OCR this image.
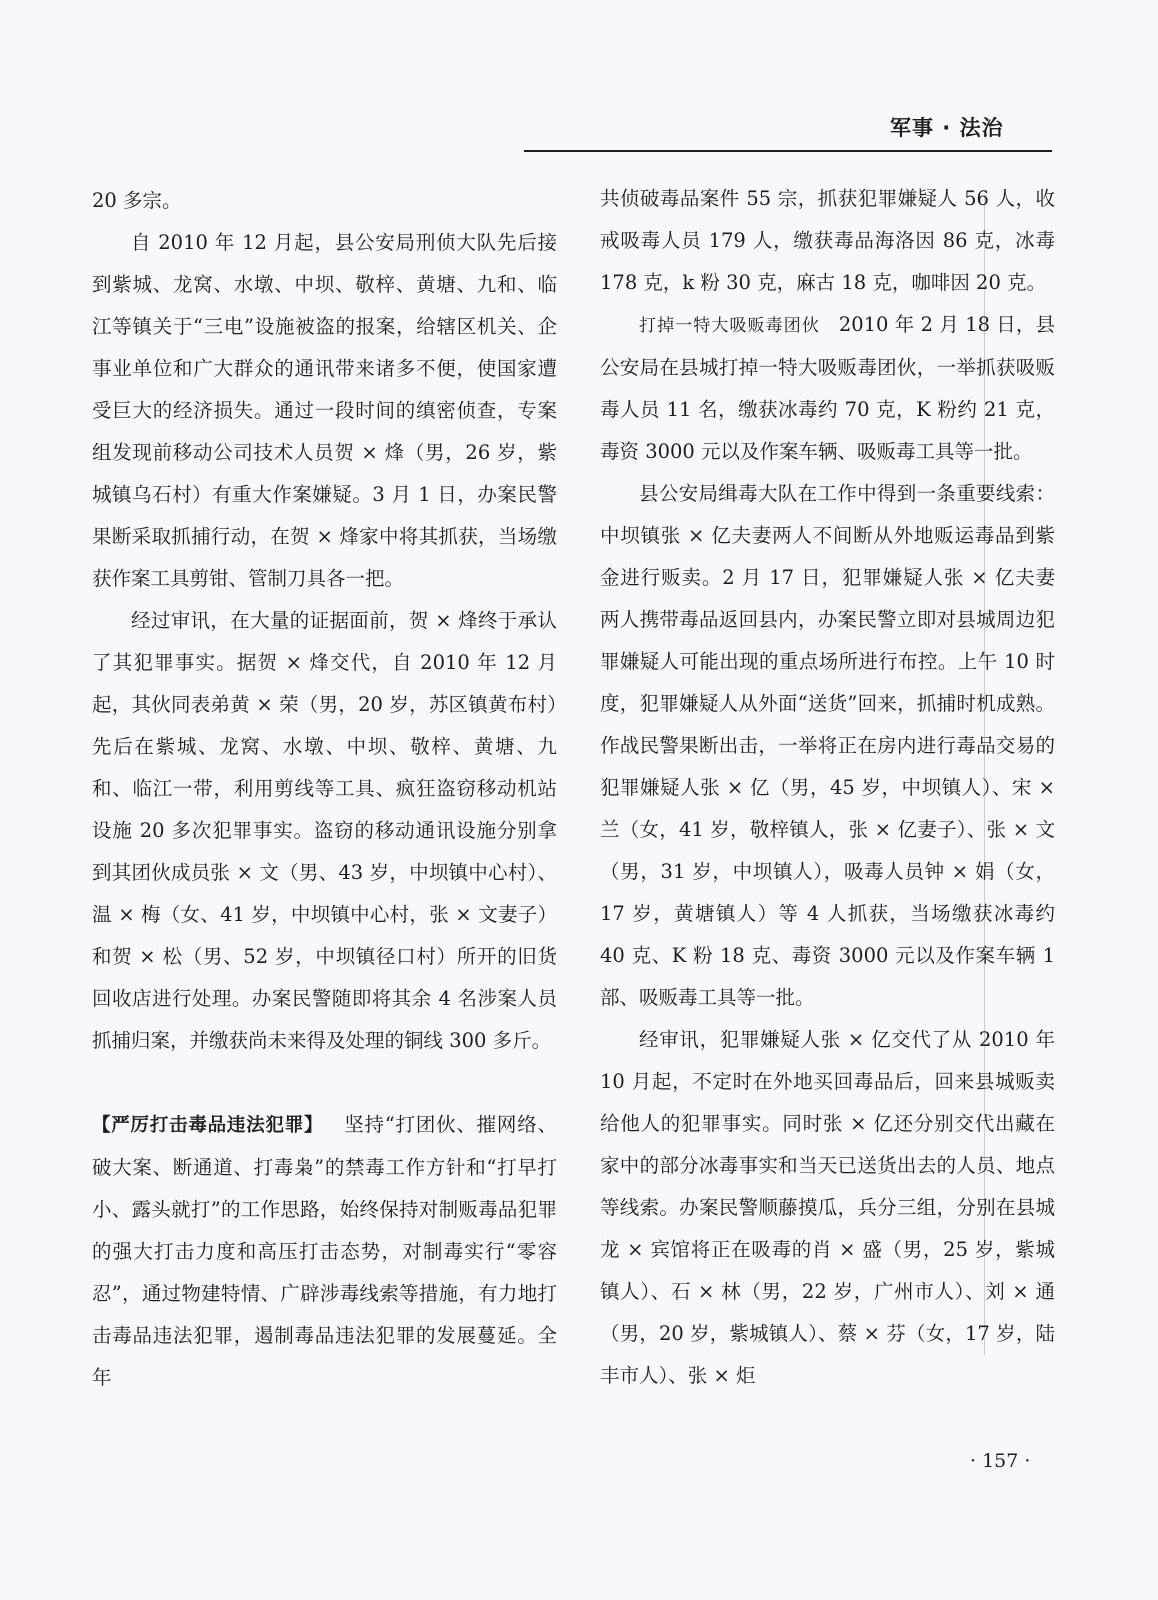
军事 · 法治

20 多宗。

自 2010 年 12 月起，县公安局刑侦大队先后接到紫城、龙窝、水墩、中坝、敬梓、黄塘、九和、临江等镇关于“三电”设施被盗的报案，给辖区机关、企事业单位和广大群众的通讯带来诸多不便，使国家遭受巨大的经济损失。通过一段时间的缜密侦查，专案组发现前移动公司技术人员贺 × 烽（男，26 岁，紫城镇乌石村）有重大作案嫌疑。3 月 1 日，办案民警果断采取抓捕行动，在贺 × 烽家中将其抓获，当场缴获作案工具剪钳、管制刀具各一把。

经过审讯，在大量的证据面前，贺 × 烽终于承认了其犯罪事实。据贺 × 烽交代，自 2010 年 12 月起，其伙同表弟黄 × 荣（男，20 岁，苏区镇黄布村）先后在紫城、龙窝、水墩、中坝、敬梓、黄塘、九和、临江一带，利用剪线等工具、疯狂盗窃移动机站设施 20 多次犯罪事实。盗窃的移动通讯设施分别拿到其团伙成员张 × 文（男、43 岁，中坝镇中心村）、温 × 梅（女、41 岁，中坝镇中心村，张 × 文妻子）和贺 × 松（男、52 岁，中坝镇径口村）所开的旧货回收店进行处理。办案民警随即将其余 4 名涉案人员抓捕归案，并缴获尚未来得及处理的铜线 300 多斤。

【严厉打击毒品违法犯罪】 坚持“打团伙、摧网络、破大案、断通道、打毒枭”的禁毒工作方针和“打早打小、露头就打”的工作思路，始终保持对制贩毒品犯罪的强大打击力度和高压打击态势，对制毒实行“零容忍”，通过物建特情、广辟涉毒线索等措施，有力地打击毒品违法犯罪，遏制毒品违法犯罪的发展蔓延。全年

共侦破毒品案件 55 宗，抓获犯罪嫌疑人 56 人，收戒吸毒人员 179 人，缴获毒品海洛因 86 克，冰毒 178 克，k 粉 30 克，麻古 18 克，咖啡因 20 克。

打掉一特大吸贩毒团伙 2010 年 2 月 18 日，县公安局在县城打掉一特大吸贩毒团伙，一举抓获吸贩毒人员 11 名，缴获冰毒约 70 克，K 粉约 21 克，毒资 3000 元以及作案车辆、吸贩毒工具等一批。

县公安局缉毒大队在工作中得到一条重要线索：中坝镇张 × 亿夫妻两人不间断从外地贩运毒品到紫金进行贩卖。2 月 17 日，犯罪嫌疑人张 × 亿夫妻两人携带毒品返回县内，办案民警立即对县城周边犯罪嫌疑人可能出现的重点场所进行布控。上午 10 时度，犯罪嫌疑人从外面“送货”回来，抓捕时机成熟。作战民警果断出击，一举将正在房内进行毒品交易的犯罪嫌疑人张 × 亿（男，45 岁，中坝镇人）、宋 × 兰（女，41 岁，敬梓镇人，张 × 亿妻子）、张 × 文（男，31 岁，中坝镇人），吸毒人员钟 × 娟（女，17 岁，黄塘镇人）等 4 人抓获，当场缴获冰毒约 40 克、K 粉 18 克、毒资 3000 元以及作案车辆 1 部、吸贩毒工具等一批。

经审讯，犯罪嫌疑人张 × 亿交代了从 2010 年 10 月起，不定时在外地买回毒品后，回来县城贩卖给他人的犯罪事实。同时张 × 亿还分别交代出藏在家中的部分冰毒事实和当天已送货出去的人员、地点等线索。办案民警顺藤摸瓜，兵分三组，分别在县城龙 × 宾馆将正在吸毒的肖 × 盛（男，25 岁，紫城镇人）、石 × 林（男，22 岁，广州市人）、刘 × 通（男，20 岁，紫城镇人）、蔡 × 芬（女，17 岁，陆丰市人）、张 × 炬

· 157 ·
